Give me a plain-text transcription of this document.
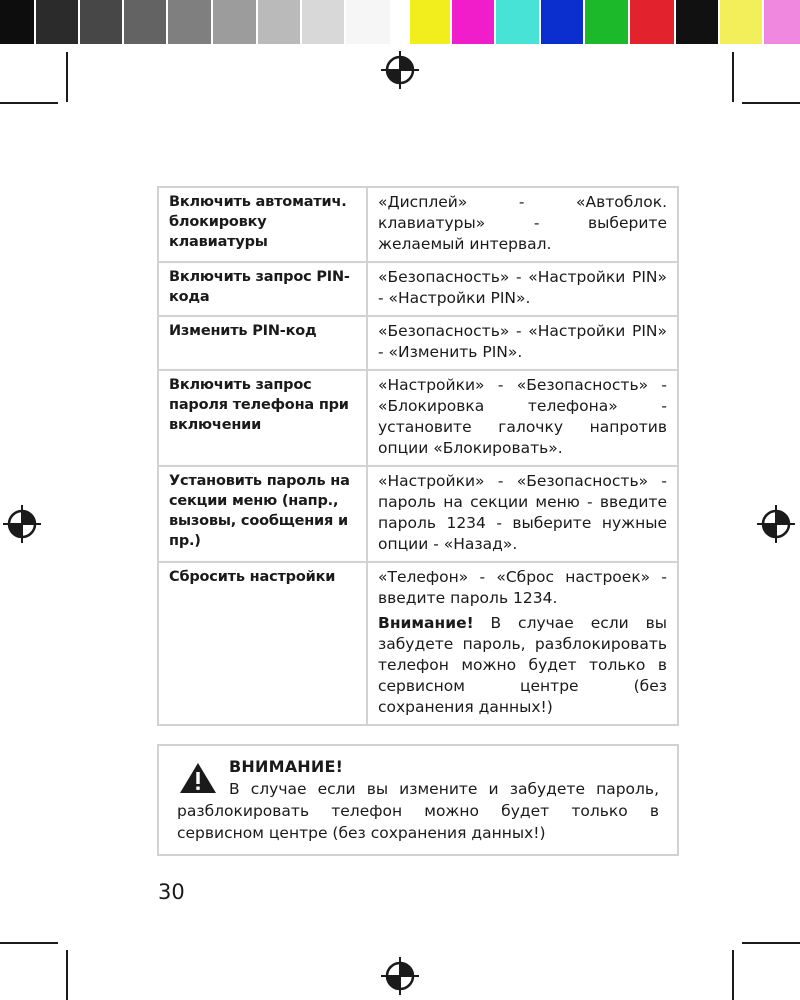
Включить автоматич. блокировку клавиатуры	«Дисплей» - «Автоблок. клавиатуры» - выберите желаемый интервал.

Включить запрос PIN-кода	«Безопасность» - «Настройки PIN» - «Настройки PIN».

Изменить PIN-код	«Безопасность» - «Настройки PIN» - «Изменить PIN».

Включить запрос пароля телефона при включении	«Настройки» - «Безопасность» - «Блокировка телефона» - установите галочку напротив опции «Блокировать».

Установить пароль на секции меню (напр., вызовы, сообщения и пр.)	«Настройки» - «Безопасность» - пароль на секции меню - введите пароль 1234 - выберите нужные опции - «Назад».

Сбросить настройки	«Телефон» - «Сброс настроек» - введите пароль 1234.

Внимание! В случае если вы забудете пароль, разблокировать телефон можно будет только в сервисном центре (без сохранения данных!)

ВНИМАНИЕ!
В случае если вы измените и забудете пароль, разблокировать телефон можно будет только в сервисном центре (без сохранения данных!)
30
